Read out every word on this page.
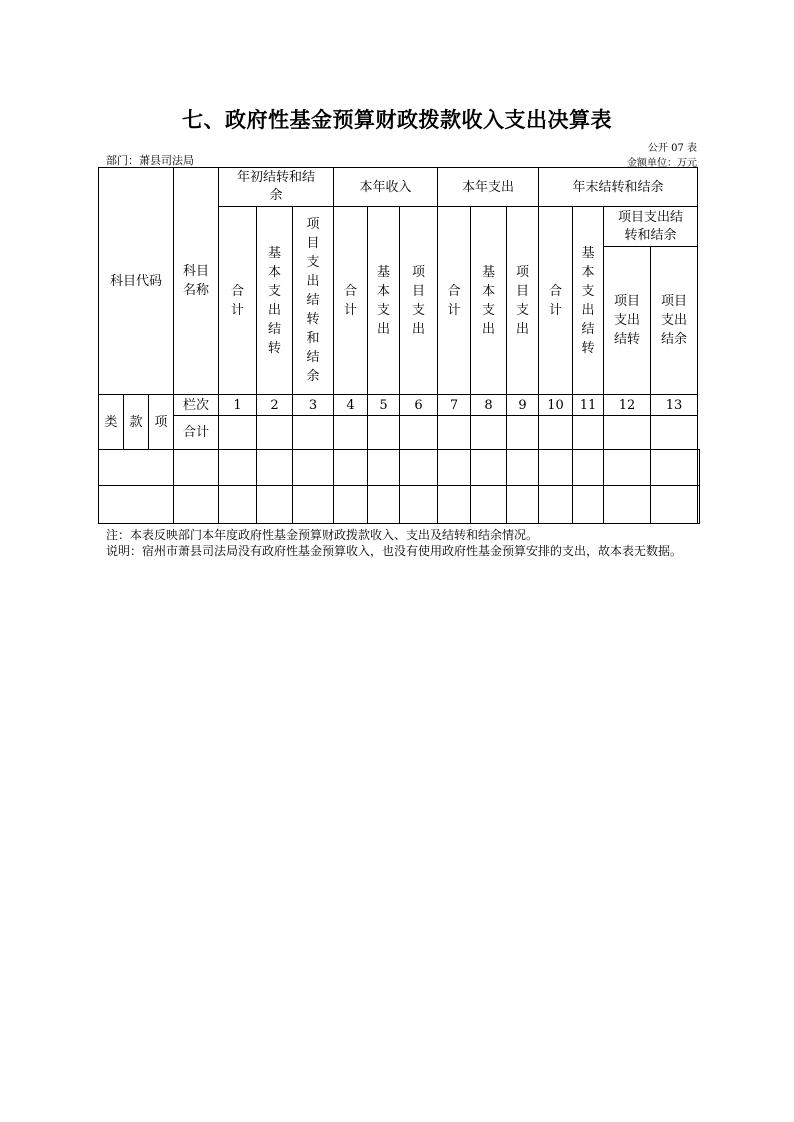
七、政府性基金预算财政拨款收入支出决算表
公开 07 表
部门：萧县司法局	金额单位：万元
科目代码			科目名称	年初结转和结余			本年收入			本年支出			年末结转和结余				
				合计	基本支出结转	项目支出结转和结余	合计	基本支出	项目支出	合计	基本支出	项目支出	合计	基本支出结转	项目支出结转和结余		
															项目支出结转	项目支出结余	

类	款	项	栏次	1	2	3	4	5	6	7	8	9	10	11	12	13	
			合计														

注：本表反映部门本年度政府性基金预算财政拨款收入、支出及结转和结余情况。

说明：宿州市萧县司法局没有政府性基金预算收入，也没有使用政府性基金预算安排的支出，故本表无数据。
